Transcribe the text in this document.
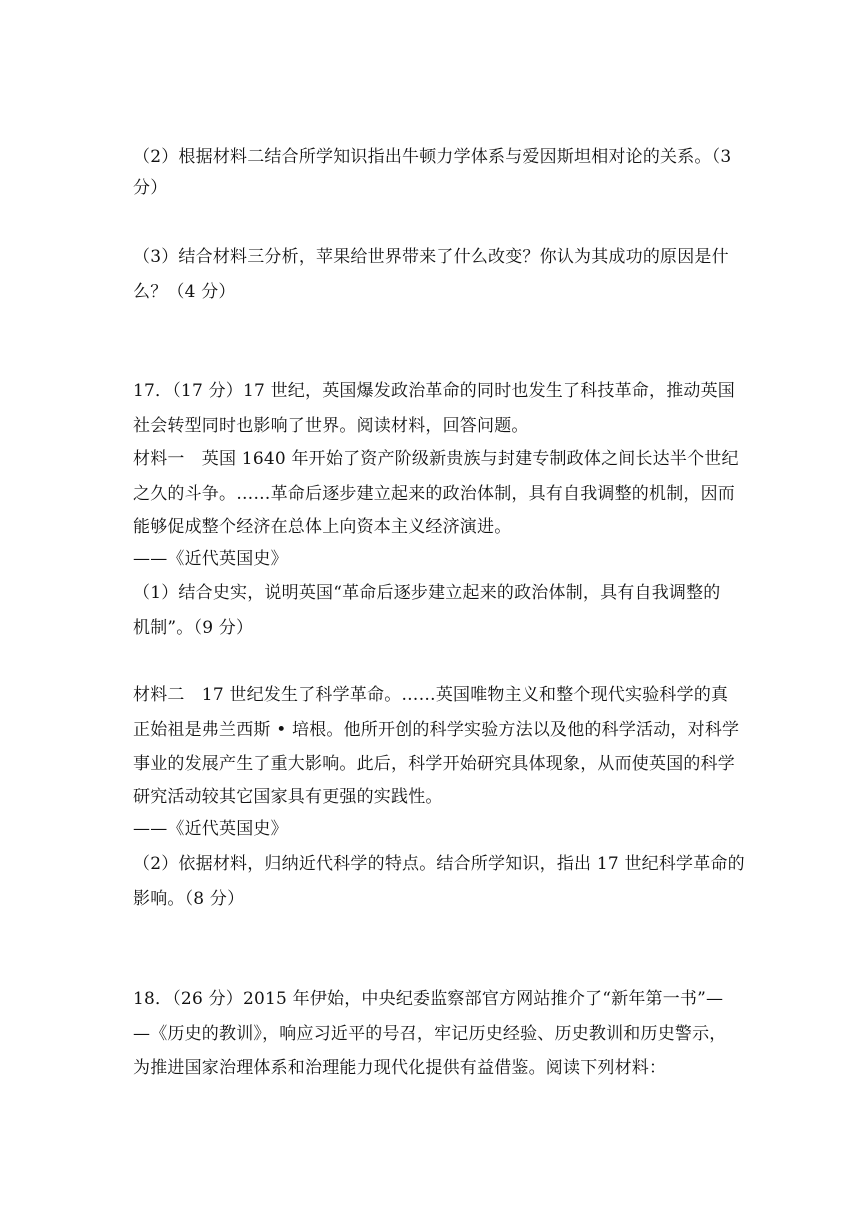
（2）根据材料二结合所学知识指出牛顿力学体系与爱因斯坦相对论的关系。（3
分）
（3）结合材料三分析，苹果给世界带来了什么改变？你认为其成功的原因是什
么？（4 分）
17．（17 分）17 世纪，英国爆发政治革命的同时也发生了科技革命，推动英国
社会转型同时也影响了世界。阅读材料，回答问题。
材料一　英国 1640 年开始了资产阶级新贵族与封建专制政体之间长达半个世纪
之久的斗争。……革命后逐步建立起来的政治体制，具有自我调整的机制，因而
能够促成整个经济在总体上向资本主义经济演进。
——《近代英国史》
（1）结合史实，说明英国“革命后逐步建立起来的政治体制，具有自我调整的
机制”。（9 分）
材料二　17 世纪发生了科学革命。……英国唯物主义和整个现代实验科学的真
正始祖是弗兰西斯 • 培根。他所开创的科学实验方法以及他的科学活动，对科学
事业的发展产生了重大影响。此后，科学开始研究具体现象，从而使英国的科学
研究活动较其它国家具有更强的实践性。
——《近代英国史》
（2）依据材料，归纳近代科学的特点。结合所学知识，指出 17 世纪科学革命的
影响。（8 分）
18．（26 分）2015 年伊始，中央纪委监察部官方网站推介了“新年第一书”—
—《历史的教训》，响应习近平的号召，牢记历史经验、历史教训和历史警示，
为推进国家治理体系和治理能力现代化提供有益借鉴。阅读下列材料：
